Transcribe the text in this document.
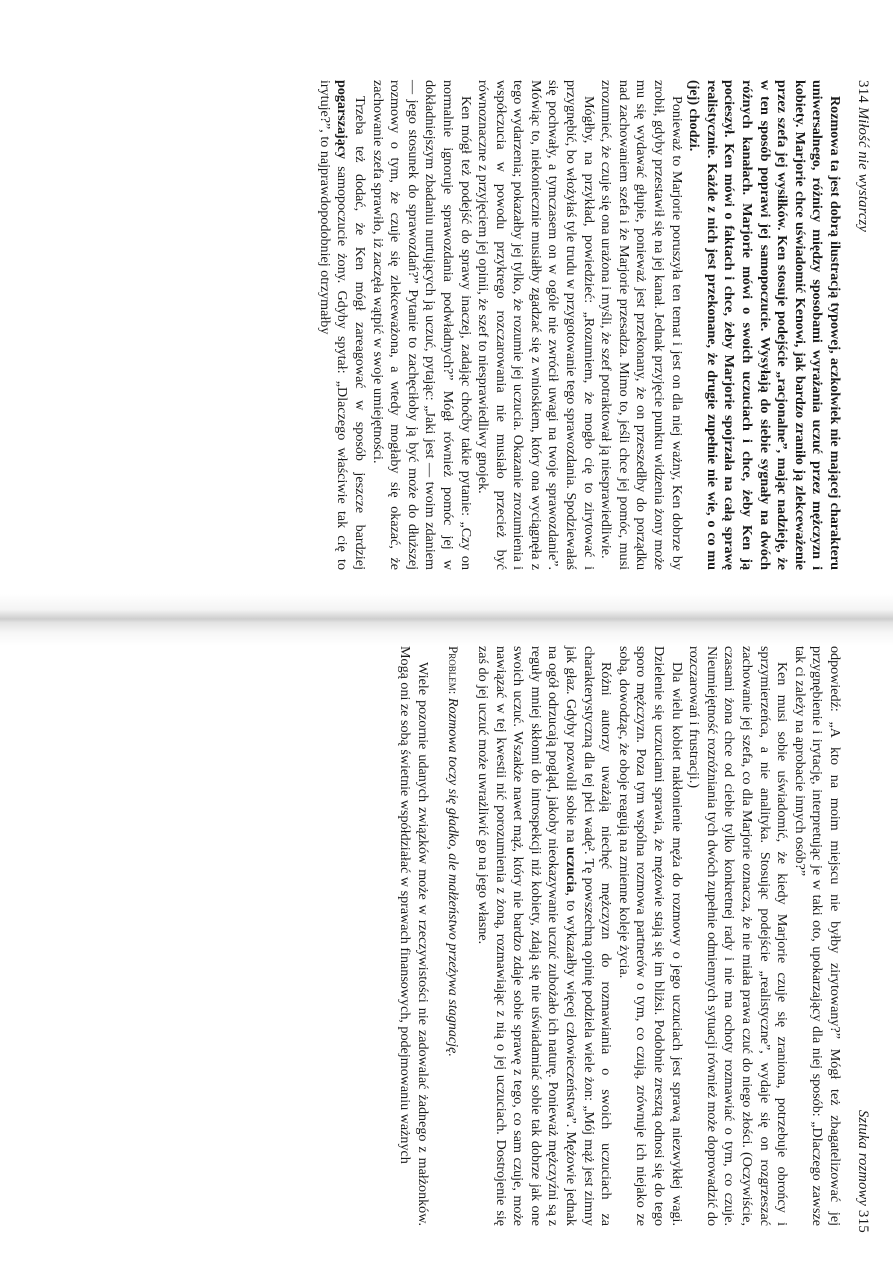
314 Miłość nie wystarczy

Rozmowa ta jest dobrą ilustracją typowej, aczkolwiek nie mającej charakteru uniwersalnego, różnicy między sposobami wyrażania uczuć przez mężczyzn i kobiety. Marjorie chce uświadomić Kenowi, jak bardzo zraniło ją zlekceważenie przez szefa jej wysiłków. Ken stosuje podejście „racjonalne”, mając nadzieję, że w ten sposób poprawi jej samopoczucie. Wysyłają do siebie sygnały na dwóch różnych kanałach. Marjorie mówi o swoich uczuciach i chce, żeby Ken ją pocieszył. Ken mówi o faktach i chce, żeby Marjorie spojrzała na całą sprawę realistycznie. Każde z nich jest przekonane, że drugie zupełnie nie wie, o co mu (jej) chodzi.

Ponieważ to Marjorie poruszyła ten temat i jest on dla niej ważny, Ken dobrze by zrobił, gdyby przestawił się na jej kanał. Jednak przyjęcie punktu widzenia żony może mu się wydawać głupie, ponieważ jest przekonany, że on przeszedłby do porządku nad zachowaniem szefa i że Marjorie przesadza. Mimo to, jeśli chce jej pomóc, musi zrozumieć, że czuje się ona urażona i myśli, że szef potraktował ją niesprawiedliwie.

Mógłby, na przykład, powiedzieć: „Rozumiem, że mogło cię to zirytować i przygnębić, bo włożyłaś tyle trudu w przygotowanie tego sprawozdania. Spodziewałaś się pochwały, a tymczasem on w ogóle nie zwrócił uwagi na twoje sprawozdanie”. Mówiąc to, niekoniecznie musiałby zgadzać się z wnioskiem, który ona wyciągnęła z tego wydarzenia; pokazałby jej tylko, że rozumie jej uczucia. Okazanie zrozumienia i współczucia w powodu przykrego rozczarowania nie musiało przecież być równoznaczne z przyjęciem jej opinii, że szef to niesprawiedliwy gnojek.

Ken mógł też podejść do sprawy inaczej, zadając choćby takie pytanie: „Czy on normalnie ignoruje sprawozdania podwładnych?” Mógł również pomóc jej w dokładniejszym zbadaniu nurtujących ją uczuć, pytając: „Jaki jest — twoim zdaniem — jego stosunek do sprawozdań?” Pytanie to zachęciłoby ją być może do dłuższej rozmowy o tym, że czuje się zlekceważona, a wtedy mogłaby się okazać, że zachowanie szefa sprawiło, iż zaczęła wątpić w swoje umiejętności.

Trzeba też dodać, że Ken mógł zareagować w sposób jeszcze bardziej pogarszający samopoczucie żony. Gdyby spytał: „Dlaczego właściwie tak cię to irytuje?”, to najprawdopodobniej otrzymałby

Sztuka rozmowy 315

odpowiedź: „A kto na moim miejscu nie byłby zirytowany?” Mógł też zbagatelizować jej przygnębienie i irytację, interpretując je w taki oto, upokarzający dla niej sposób: „Dlaczego zawsze tak ci zależy na aprobacie innych osób?”

Ken musi sobie uświadomić, że kiedy Marjorie czuje się zraniona, potrzebuje obrońcy i sprzymierzeńca, a nie analityka. Stosując podejście „realistyczne”, wydaje się on rozgrzeszać zachowanie jej szefa, co dla Marjorie oznacza, że nie miała prawa czuć do niego złości. (Oczywiście, czasami żona chce od ciebie tylko konkretnej rady i nie ma ochoty rozmawiać o tym, co czuje. Nieumiejętność rozróżniania tych dwóch zupełnie odmiennych sytuacji również może doprowadzić do rozczarowań i frustracji.)

Dla wielu kobiet nakłonienie męża do rozmowy o jego uczuciach jest sprawą niezwykłej wagi. Dzielenie się uczuciami sprawia, że mężowie stają się im bliżsi. Podobnie zresztą odnosi się do tego sporo mężczyzn. Poza tym wspólna rozmowa partnerów o tym, co czują, zrównuje ich niejako ze sobą, dowodząc, że oboje reagują na zmienne koleje życia.

Różni autorzy uważają niechęć mężczyzn do rozmawiania o swoich uczuciach za charakterystyczną dla tej płci wadę². Tę powszechną opinię podziela wiele żon: „Mój mąż jest zimny jak głaz. Gdyby pozwolił sobie na uczucia, to wykazałby więcej człowieczeństwa”. Mężowie jednak na ogół odrzucają pogląd, jakoby nieokazywanie uczuć zubożało ich naturę. Ponieważ mężczyźni są z reguły mniej skłonni do introspekcji niż kobiety, zdają się nie uświadamiać sobie tak dobrze jak one swoich uczuć. Wszakże nawet mąż, który nie bardzo zdaje sobie sprawę z tego, co sam czuje, może nawiązać w tej kwestii nić porozumienia z żoną, rozmawiając z nią o jej uczuciach. Dostrojenie się zaś do jej uczuć może uwrażliwić go na jego własne.

Problem: Rozmowa toczy się gładko, ale małżeństwo przeżywa stagnację.

Wiele pozornie udanych związków może w rzeczywistości nie zadowalać żadnego z małżonków. Mogą oni ze sobą świetnie współdziałać w sprawach finansowych, podejmowaniu ważnych
